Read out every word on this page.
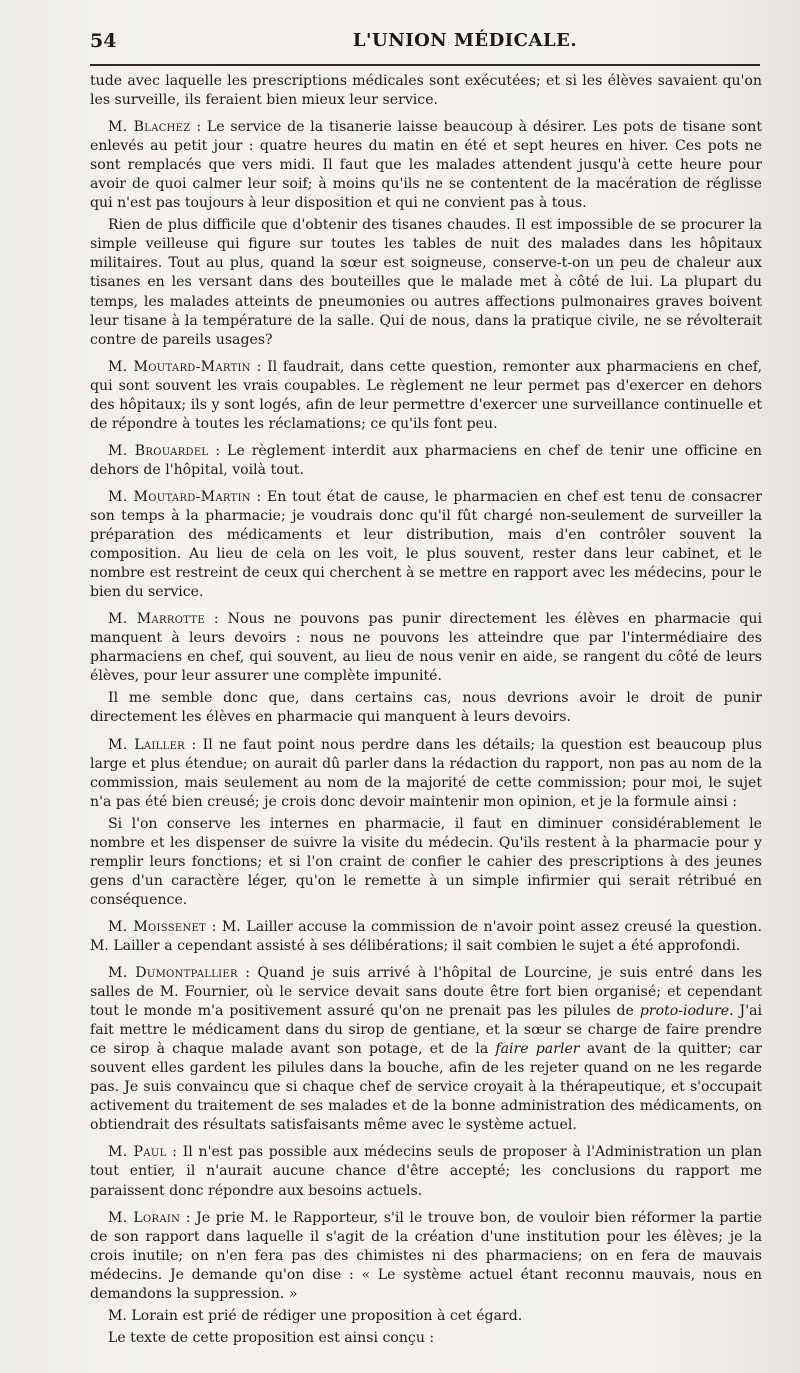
54	L'UNION MÉDICALE.

tude avec laquelle les prescriptions médicales sont exécutées; et si les élèves savaient qu'on les surveille, ils feraient bien mieux leur service.

M. Blachez : Le service de la tisanerie laisse beaucoup à désirer. Les pots de tisane sont enlevés au petit jour : quatre heures du matin en été et sept heures en hiver. Ces pots ne sont remplacés que vers midi. Il faut que les malades attendent jusqu'à cette heure pour avoir de quoi calmer leur soif; à moins qu'ils ne se contentent de la macération de réglisse qui n'est pas toujours à leur disposition et qui ne convient pas à tous.

Rien de plus difficile que d'obtenir des tisanes chaudes. Il est impossible de se procurer la simple veilleuse qui figure sur toutes les tables de nuit des malades dans les hôpitaux militaires. Tout au plus, quand la sœur est soigneuse, conserve-t-on un peu de chaleur aux tisanes en les versant dans des bouteilles que le malade met à côté de lui. La plupart du temps, les malades atteints de pneumonies ou autres affections pulmonaires graves boivent leur tisane à la température de la salle. Qui de nous, dans la pratique civile, ne se révolterait contre de pareils usages?

M. Moutard-Martin : Il faudrait, dans cette question, remonter aux pharmaciens en chef, qui sont souvent les vrais coupables. Le règlement ne leur permet pas d'exercer en dehors des hôpitaux; ils y sont logés, afin de leur permettre d'exercer une surveillance continuelle et de répondre à toutes les réclamations; ce qu'ils font peu.

M. Brouardel : Le règlement interdit aux pharmaciens en chef de tenir une officine en dehors de l'hôpital, voilà tout.

M. Moutard-Martin : En tout état de cause, le pharmacien en chef est tenu de consacrer son temps à la pharmacie; je voudrais donc qu'il fût chargé non-seulement de surveiller la préparation des médicaments et leur distribution, mais d'en contrôler souvent la composition. Au lieu de cela on les voit, le plus souvent, rester dans leur cabinet, et le nombre est restreint de ceux qui cherchent à se mettre en rapport avec les médecins, pour le bien du service.

M. Marrotte : Nous ne pouvons pas punir directement les élèves en pharmacie qui manquent à leurs devoirs : nous ne pouvons les atteindre que par l'intermédiaire des pharmaciens en chef, qui souvent, au lieu de nous venir en aide, se rangent du côté de leurs élèves, pour leur assurer une complète impunité.

Il me semble donc que, dans certains cas, nous devrions avoir le droit de punir directement les élèves en pharmacie qui manquent à leurs devoirs.

M. Lailler : Il ne faut point nous perdre dans les détails; la question est beaucoup plus large et plus étendue; on aurait dû parler dans la rédaction du rapport, non pas au nom de la commission, mais seulement au nom de la majorité de cette commission; pour moi, le sujet n'a pas été bien creusé; je crois donc devoir maintenir mon opinion, et je la formule ainsi :

Si l'on conserve les internes en pharmacie, il faut en diminuer considérablement le nombre et les dispenser de suivre la visite du médecin. Qu'ils restent à la pharmacie pour y remplir leurs fonctions; et si l'on craint de confier le cahier des prescriptions à des jeunes gens d'un caractère léger, qu'on le remette à un simple infirmier qui serait rétribué en conséquence.

M. Moissenet : M. Lailler accuse la commission de n'avoir point assez creusé la question. M. Lailler a cependant assisté à ses délibérations; il sait combien le sujet a été approfondi.

M. Dumontpallier : Quand je suis arrivé à l'hôpital de Lourcine, je suis entré dans les salles de M. Fournier, où le service devait sans doute être fort bien organisé; et cependant tout le monde m'a positivement assuré qu'on ne prenait pas les pilules de proto-iodure. J'ai fait mettre le médicament dans du sirop de gentiane, et la sœur se charge de faire prendre ce sirop à chaque malade avant son potage, et de la faire parler avant de la quitter; car souvent elles gardent les pilules dans la bouche, afin de les rejeter quand on ne les regarde pas. Je suis convaincu que si chaque chef de service croyait à la thérapeutique, et s'occupait activement du traitement de ses malades et de la bonne administration des médicaments, on obtiendrait des résultats satisfaisants même avec le système actuel.

M. Paul : Il n'est pas possible aux médecins seuls de proposer à l'Administration un plan tout entier, il n'aurait aucune chance d'être accepté; les conclusions du rapport me paraissent donc répondre aux besoins actuels.

M. Lorain : Je prie M. le Rapporteur, s'il le trouve bon, de vouloir bien réformer la partie de son rapport dans laquelle il s'agit de la création d'une institution pour les élèves; je la crois inutile; on n'en fera pas des chimistes ni des pharmaciens; on en fera de mauvais médecins. Je demande qu'on dise : « Le système actuel étant reconnu mauvais, nous en demandons la suppression. »

M. Lorain est prié de rédiger une proposition à cet égard.

Le texte de cette proposition est ainsi conçu :
